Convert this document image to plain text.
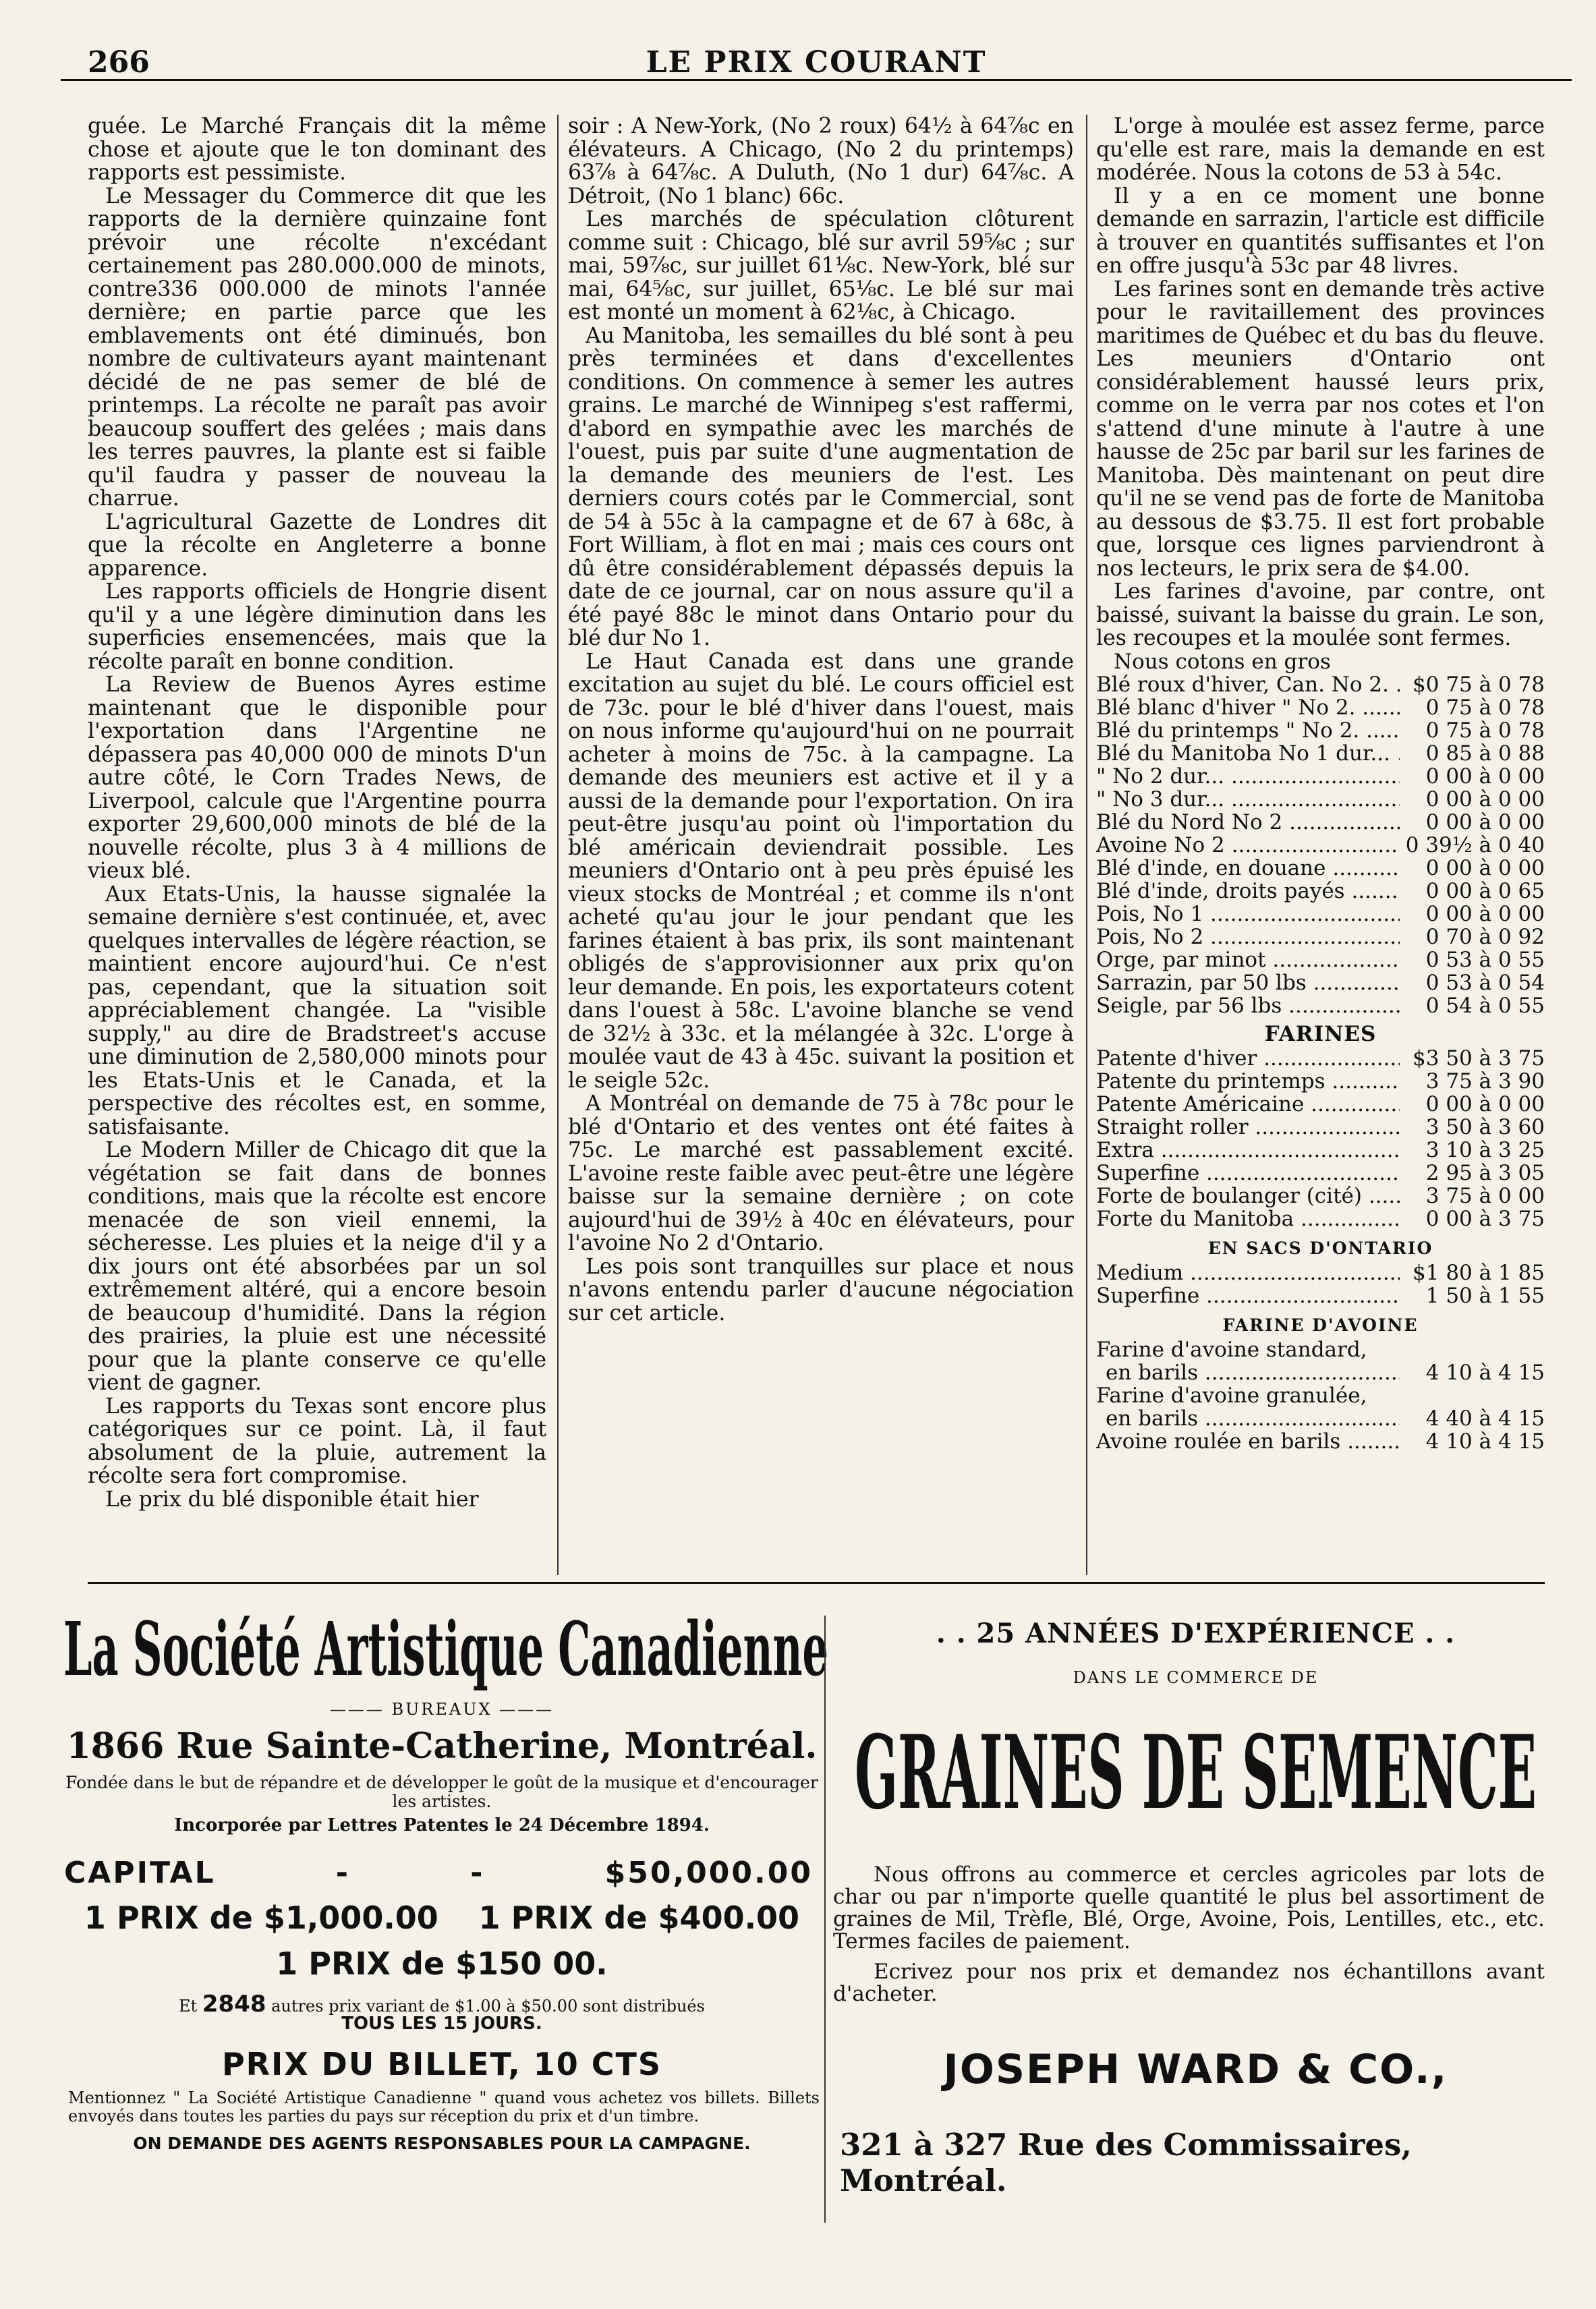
266	LE PRIX COURANT

guée. Le Marché Français dit la même chose et ajoute que le ton dominant des rapports est pessimiste.

Le Messager du Commerce dit que les rapports de la dernière quinzaine font prévoir une récolte n'excédant certainement pas 280.000.000 de minots, contre336 000.000 de minots l'année dernière; en partie parce que les emblavements ont été diminués, bon nombre de cultivateurs ayant maintenant décidé de ne pas semer de blé de printemps. La récolte ne paraît pas avoir beaucoup souffert des gelées ; mais dans les terres pauvres, la plante est si faible qu'il faudra y passer de nouveau la charrue.

L'agricultural Gazette de Londres dit que la récolte en Angleterre a bonne apparence.

Les rapports officiels de Hongrie disent qu'il y a une légère diminution dans les superficies ensemencées, mais que la récolte paraît en bonne condition.

La Review de Buenos Ayres estime maintenant que le disponible pour l'exportation dans l'Argentine ne dépassera pas 40,000 000 de minots D'un autre côté, le Corn Trades News, de Liverpool, calcule que l'Argentine pourra exporter 29,600,000 minots de blé de la nouvelle récolte, plus 3 à 4 millions de vieux blé.

Aux Etats-Unis, la hausse signalée la semaine dernière s'est continuée, et, avec quelques intervalles de légère réaction, se maintient encore aujourd'hui. Ce n'est pas, cependant, que la situation soit appréciablement changée. La "visible supply," au dire de Bradstreet's accuse une diminution de 2,580,000 minots pour les Etats-Unis et le Canada, et la perspective des récoltes est, en somme, satisfaisante.

Le Modern Miller de Chicago dit que la végétation se fait dans de bonnes conditions, mais que la récolte est encore menacée de son vieil ennemi, la sécheresse. Les pluies et la neige d'il y a dix jours ont été absorbées par un sol extrêmement altéré, qui a encore besoin de beaucoup d'humidité. Dans la région des prairies, la pluie est une nécessité pour que la plante conserve ce qu'elle vient de gagner.

Les rapports du Texas sont encore plus catégoriques sur ce point. Là, il faut absolument de la pluie, autrement la récolte sera fort compromise.

Le prix du blé disponible était hier

soir : A New-York, (No 2 roux) 64½ à 64⅞c en élévateurs. A Chicago, (No 2 du printemps) 63⅞ à 64⅞c. A Duluth, (No 1 dur) 64⅞c. A Détroit, (No 1 blanc) 66c.

Les marchés de spéculation clôturent comme suit : Chicago, blé sur avril 59⅝c ; sur mai, 59⅞c, sur juillet 61⅛c. New-York, blé sur mai, 64⅝c, sur juillet, 65⅛c. Le blé sur mai est monté un moment à 62⅛c, à Chicago.

Au Manitoba, les semailles du blé sont à peu près terminées et dans d'excellentes conditions. On commence à semer les autres grains. Le marché de Winnipeg s'est raffermi, d'abord en sympathie avec les marchés de l'ouest, puis par suite d'une augmentation de la demande des meuniers de l'est. Les derniers cours cotés par le Commercial, sont de 54 à 55c à la campagne et de 67 à 68c, à Fort William, à flot en mai ; mais ces cours ont dû être considérablement dépassés depuis la date de ce journal, car on nous assure qu'il a été payé 88c le minot dans Ontario pour du blé dur No 1.

Le Haut Canada est dans une grande excitation au sujet du blé. Le cours officiel est de 73c. pour le blé d'hiver dans l'ouest, mais on nous informe qu'aujourd'hui on ne pourrait acheter à moins de 75c. à la campagne. La demande des meuniers est active et il y a aussi de la demande pour l'exportation. On ira peut-être jusqu'au point où l'importation du blé américain deviendrait possible. Les meuniers d'Ontario ont à peu près épuisé les vieux stocks de Montréal ; et comme ils n'ont acheté qu'au jour le jour pendant que les farines étaient à bas prix, ils sont maintenant obligés de s'approvisionner aux prix qu'on leur demande. En pois, les exportateurs cotent dans l'ouest à 58c. L'avoine blanche se vend de 32½ à 33c. et la mélangée à 32c. L'orge à moulée vaut de 43 à 45c. suivant la position et le seigle 52c.

A Montréal on demande de 75 à 78c pour le blé d'Ontario et des ventes ont été faites à 75c. Le marché est passablement excité. L'avoine reste faible avec peut-être une légère baisse sur la semaine dernière ; on cote aujourd'hui de 39½ à 40c en élévateurs, pour l'avoine No 2 d'Ontario.

Les pois sont tranquilles sur place et nous n'avons entendu parler d'aucune négociation sur cet article.

L'orge à moulée est assez ferme, parce qu'elle est rare, mais la demande en est modérée. Nous la cotons de 53 à 54c.

Il y a en ce moment une bonne demande en sarrazin, l'article est difficile à trouver en quantités suffisantes et l'on en offre jusqu'à 53c par 48 livres.

Les farines sont en demande très active pour le ravitaillement des provinces maritimes de Québec et du bas du fleuve. Les meuniers d'Ontario ont considérablement haussé leurs prix, comme on le verra par nos cotes et l'on s'attend d'une minute à l'autre à une hausse de 25c par baril sur les farines de Manitoba. Dès maintenant on peut dire qu'il ne se vend pas de forte de Manitoba au dessous de $3.75. Il est fort probable que, lorsque ces lignes parviendront à nos lecteurs, le prix sera de $4.00.

Les farines d'avoine, par contre, ont baissé, suivant la baisse du grain. Le son, les recoupes et la moulée sont fermes.

Nous cotons en gros

Blé roux d'hiver, Can. No 2. .....	$0 75 à 0 78
Blé blanc d'hiver " No 2. .....	0 75 à 0 78
Blé du printemps " No 2. .....	0 75 à 0 78
Blé du Manitoba No 1 dur... .....	0 85 à 0 88
" No 2 dur... .....	0 00 à 0 00
" No 3 dur... .....	0 00 à 0 00
Blé du Nord No 2 .....	0 00 à 0 00
Avoine No 2 .....	0 39½ à 0 40
Blé d'inde, en douane .....	0 00 à 0 00
Blé d'inde, droits payés .....	0 00 à 0 65
Pois, No 1 .....	0 00 à 0 00
Pois, No 2 .....	0 70 à 0 92
Orge, par minot .....	0 53 à 0 55
Sarrazin, par 50 lbs .....	0 53 à 0 54
Seigle, par 56 lbs .....	0 54 à 0 55
FARINES
Patente d'hiver .....	$3 50 à 3 75
Patente du printemps .....	3 75 à 3 90
Patente Américaine .....	0 00 à 0 00
Straight roller .....	3 50 à 3 60
Extra .....	3 10 à 3 25
Superfine .....	2 95 à 3 05
Forte de boulanger (cité) .....	3 75 à 0 00
Forte du Manitoba .....	0 00 à 3 75
EN SACS D'ONTARIO
Medium .....	$1 80 à 1 85
Superfine .....	1 50 à 1 55
FARINE D'AVOINE
Farine d'avoine standard,
en barils .....	4 10 à 4 15
Farine d'avoine granulée,
en barils .....	4 40 à 4 15
Avoine roulée en barils .....	4 10 à 4 15
La Société Artistique Canadienne
——— BUREAUX ———
1866 Rue Sainte-Catherine, Montréal.
Fondée dans le but de répandre et de développer le goût de la musique et d'encourager les artistes.
Incorporée par Lettres Patentes le 24 Décembre 1894.
CAPITAL	-	-	$50,000.00
1 PRIX de $1,000.00 1 PRIX de $400.00
1 PRIX de $150 00.
Et 2848 autres prix variant de $1.00 à $50.00 sont distribués
TOUS LES 15 JOURS.
PRIX DU BILLET, 10 CTS
Mentionnez " La Société Artistique Canadienne " quand vous achetez vos billets. Billets envoyés dans toutes les parties du pays sur réception du prix et d'un timbre.
ON DEMANDE DES AGENTS RESPONSABLES POUR LA CAMPAGNE.
. . 25 ANNÉES D'EXPÉRIENCE . .
DANS LE COMMERCE DE
GRAINES DE SEMENCE

Nous offrons au commerce et cercles agricoles par lots de char ou par n'importe quelle quantité le plus bel assortiment de graines de Mil, Trèfle, Blé, Orge, Avoine, Pois, Lentilles, etc., etc. Termes faciles de paiement.

Ecrivez pour nos prix et demandez nos échantillons avant d'acheter.

JOSEPH WARD & CO.,
321 à 327 Rue des Commissaires, Montréal.
